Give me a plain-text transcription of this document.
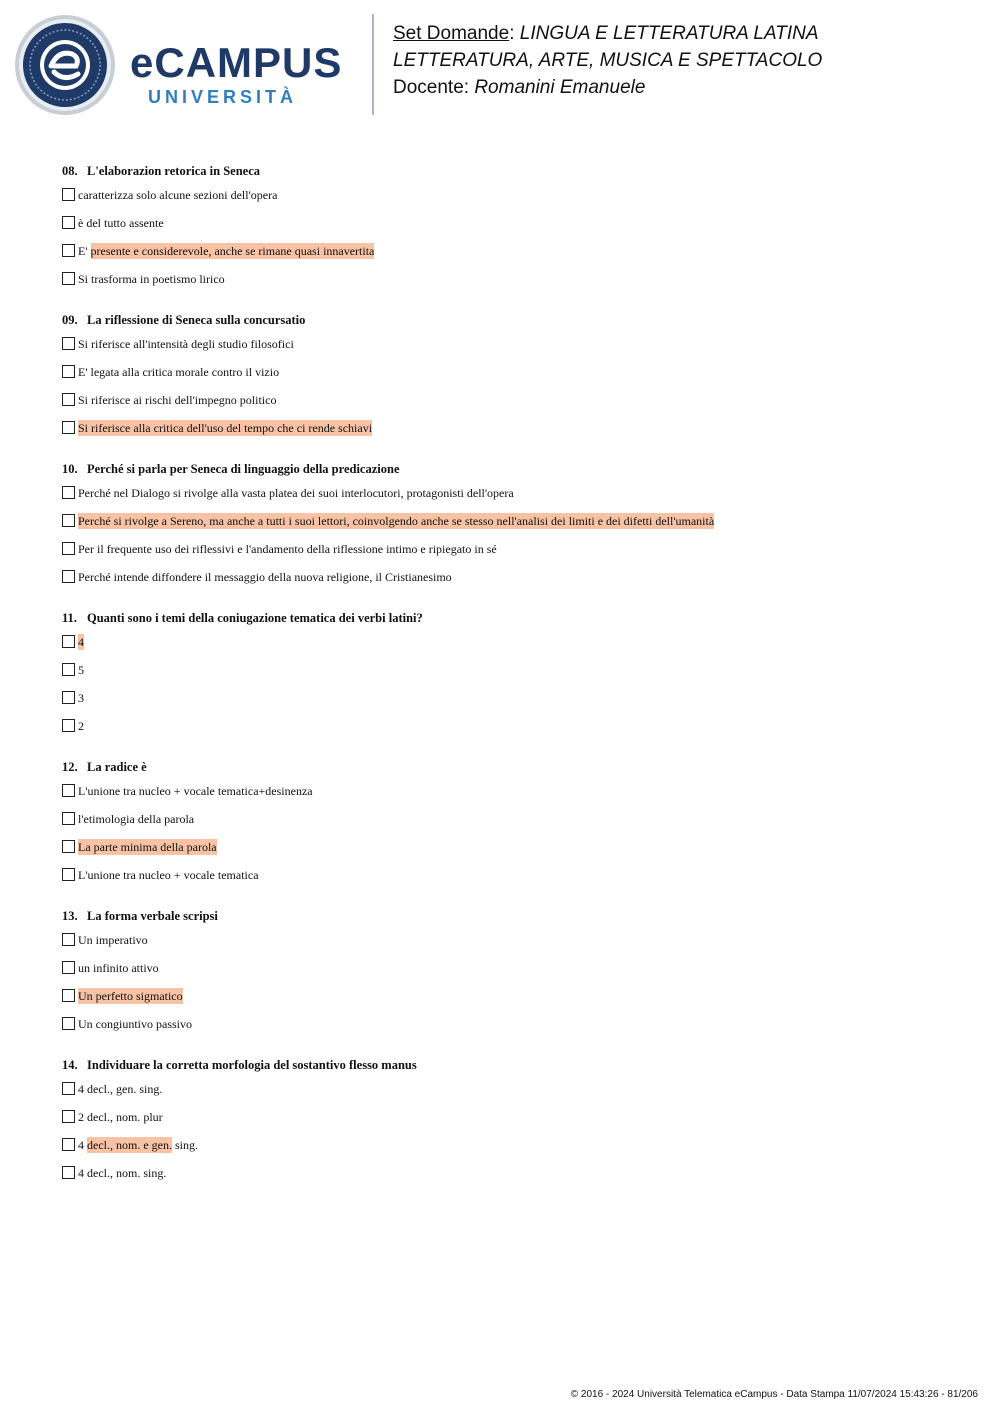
eCAMPUS
UNIVERSITÀ
Set Domande: LINGUA E LETTERATURA LATINA
LETTERATURA, ARTE, MUSICA E SPETTACOLO
Docente: Romanini Emanuele
08. L'elaborazion retorica in Seneca
caratterizza solo alcune sezioni dell'opera
è del tutto assente
E' presente e considerevole, anche se rimane quasi innavertita
Si trasforma in poetismo lirico
09. La riflessione di Seneca sulla concursatio
Si riferisce all'intensità degli studio filosofici
E' legata alla critica morale contro il vizio
Si riferisce ai rischi dell'impegno politico
Si riferisce alla critica dell'uso del tempo che ci rende schiavi
10. Perché si parla per Seneca di linguaggio della predicazione
Perché nel Dialogo si rivolge alla vasta platea dei suoi interlocutori, protagonisti dell'opera
Perché si rivolge a Sereno, ma anche a tutti i suoi lettori, coinvolgendo anche se stesso nell'analisi dei limiti e dei difetti dell'umanità
Per il frequente uso dei riflessivi e l'andamento della riflessione intimo e ripiegato in sé
Perché intende diffondere il messaggio della nuova religione, il Cristianesimo
11. Quanti sono i temi della coniugazione tematica dei verbi latini?
4
5
3
2
12. La radice è
L'unione tra nucleo + vocale tematica+desinenza
l'etimologia della parola
La parte minima della parola
L'unione tra nucleo + vocale tematica
13. La forma verbale scripsi
Un imperativo
un infinito attivo
Un perfetto sigmatico
Un congiuntivo passivo
14. Individuare la corretta morfologia del sostantivo flesso manus
4 decl., gen. sing.
2 decl., nom. plur
4 decl., nom. e gen. sing.
4 decl., nom. sing.
© 2016 - 2024 Università Telematica eCampus - Data Stampa 11/07/2024 15:43:26 - 81/206
